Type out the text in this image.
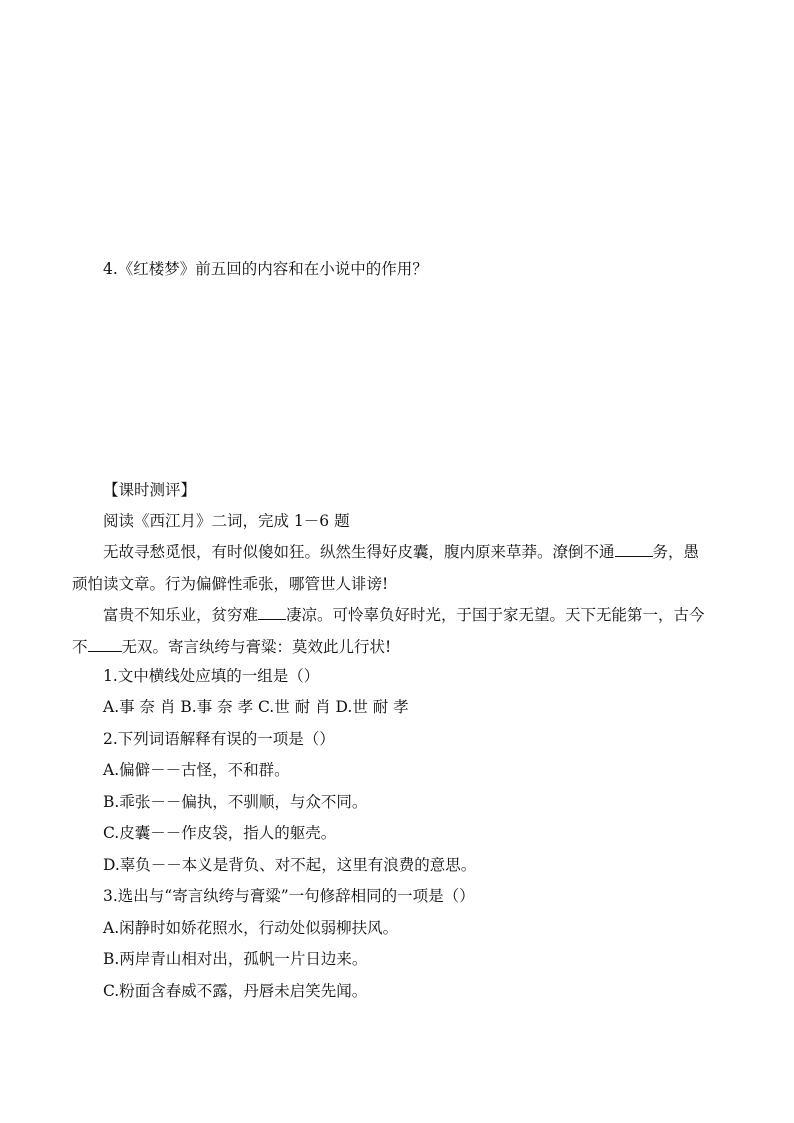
4.《红楼梦》前五回的内容和在小说中的作用？
【课时测评】
阅读《西江月》二词，完成 1－6 题
无故寻愁觅恨，有时似傻如狂。纵然生得好皮囊，腹内原来草莽。潦倒不通 务，愚
顽怕读文章。行为偏僻性乖张，哪管世人诽谤!
富贵不知乐业，贫穷难 凄凉。可怜辜负好时光，于国于家无望。天下无能第一，古今
不 无双。寄言纨绔与膏粱：莫效此儿行状!
1.文中横线处应填的一组是（）
A.事 奈 肖 B.事 奈 孝 C.世 耐 肖 D.世 耐 孝
2.下列词语解释有误的一项是（）
A.偏僻－－古怪，不和群。
B.乖张－－偏执，不驯顺，与众不同。
C.皮囊－－作皮袋，指人的躯壳。
D.辜负－－本义是背负、对不起，这里有浪费的意思。
3.选出与“寄言纨绔与膏粱”一句修辞相同的一项是（）
A.闲静时如娇花照水，行动处似弱柳扶风。
B.两岸青山相对出，孤帆一片日边来。
C.粉面含春威不露，丹唇未启笑先闻。
